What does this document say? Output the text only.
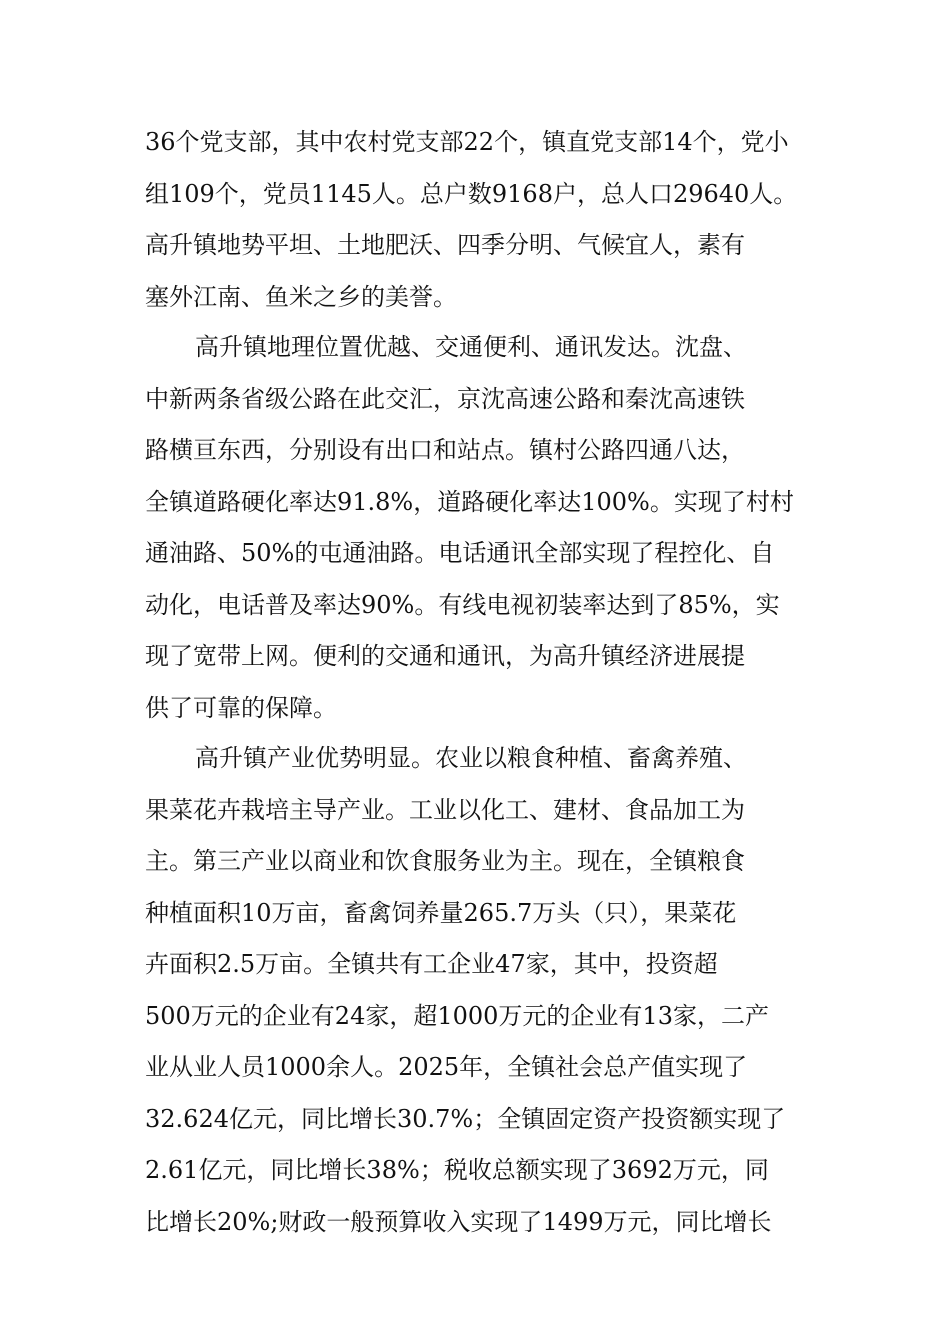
36个党支部，其中农村党支部22个，镇直党支部14个，党小
组109个，党员1145人。总户数9168户，总人口29640人。
高升镇地势平坦、土地肥沃、四季分明、气候宜人，素有
塞外江南、鱼米之乡的美誉。
高升镇地理位置优越、交通便利、通讯发达。沈盘、
中新两条省级公路在此交汇，京沈高速公路和秦沈高速铁
路横亘东西，分别设有出口和站点。镇村公路四通八达，
全镇道路硬化率达91.8%，道路硬化率达100%。实现了村村
通油路、50%的屯通油路。电话通讯全部实现了程控化、自
动化，电话普及率达90%。有线电视初装率达到了85%，实
现了宽带上网。便利的交通和通讯，为高升镇经济进展提
供了可靠的保障。
高升镇产业优势明显。农业以粮食种植、畜禽养殖、
果菜花卉栽培主导产业。工业以化工、建材、食品加工为
主。第三产业以商业和饮食服务业为主。现在，全镇粮食
种植面积10万亩，畜禽饲养量265.7万头（只），果菜花
卉面积2.5万亩。全镇共有工企业47家，其中，投资超
500万元的企业有24家，超1000万元的企业有13家，二产
业从业人员1000余人。2025年，全镇社会总产值实现了
32.624亿元，同比增长30.7%；全镇固定资产投资额实现了
2.61亿元，同比增长38%；税收总额实现了3692万元，同
比增长20%;财政一般预算收入实现了1499万元，同比增长
